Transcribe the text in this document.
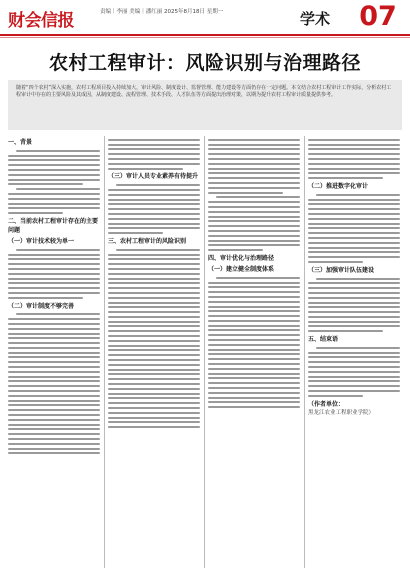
财会信报	责编｜李丽 美编｜潘红丽 2025年8月18日 星期一	学术 07
农村工程审计：风险识别与治理路径

随着“四个农村”深入实施，农村工程项目投入持续加大，审计风险、制度设计、监督管理、能力建设等方面仍存在一定问题。本文结合农村工程审计工作实际，分析农村工程审计中存在的主要风险及其成因，从制度建设、流程管理、技术手段、人才队伍等方面提出治理对策，以期为提升农村工程审计质量提供参考。

一、背景
二、当前农村工程审计存在的主要问题
（一）审计技术较为单一
（二）审计制度不够完善
（三）审计人员专业素养有待提升
三、农村工程审计的风险识别
四、审计优化与治理路径
（一）建立健全制度体系
（二）推进数字化审计
（三）加强审计队伍建设
五、结束语
（作者单位：
黑龙江农业工程职业学院）
